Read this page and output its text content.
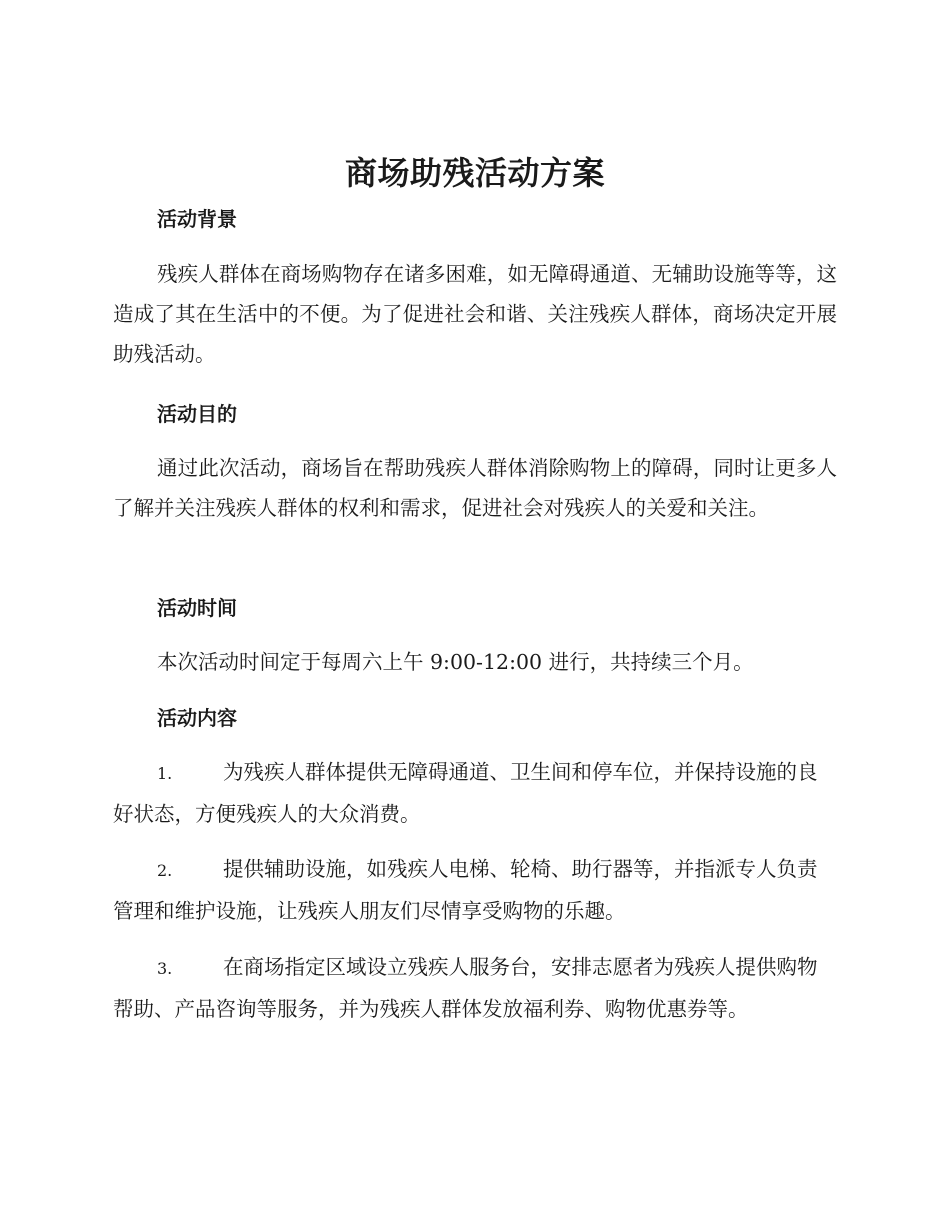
商场助残活动方案
活动背景

残疾人群体在商场购物存在诸多困难，如无障碍通道、无辅助设施等等，这造成了其在生活中的不便。为了促进社会和谐、关注残疾人群体，商场决定开展助残活动。

活动目的

通过此次活动，商场旨在帮助残疾人群体消除购物上的障碍，同时让更多人了解并关注残疾人群体的权利和需求，促进社会对残疾人的关爱和关注。

活动时间

本次活动时间定于每周六上午 9:00-12:00 进行，共持续三个月。

活动内容

1. 为残疾人群体提供无障碍通道、卫生间和停车位，并保持设施的良好状态，方便残疾人的大众消费。

2. 提供辅助设施，如残疾人电梯、轮椅、助行器等，并指派专人负责管理和维护设施，让残疾人朋友们尽情享受购物的乐趣。

3. 在商场指定区域设立残疾人服务台，安排志愿者为残疾人提供购物帮助、产品咨询等服务，并为残疾人群体发放福利券、购物优惠券等。
